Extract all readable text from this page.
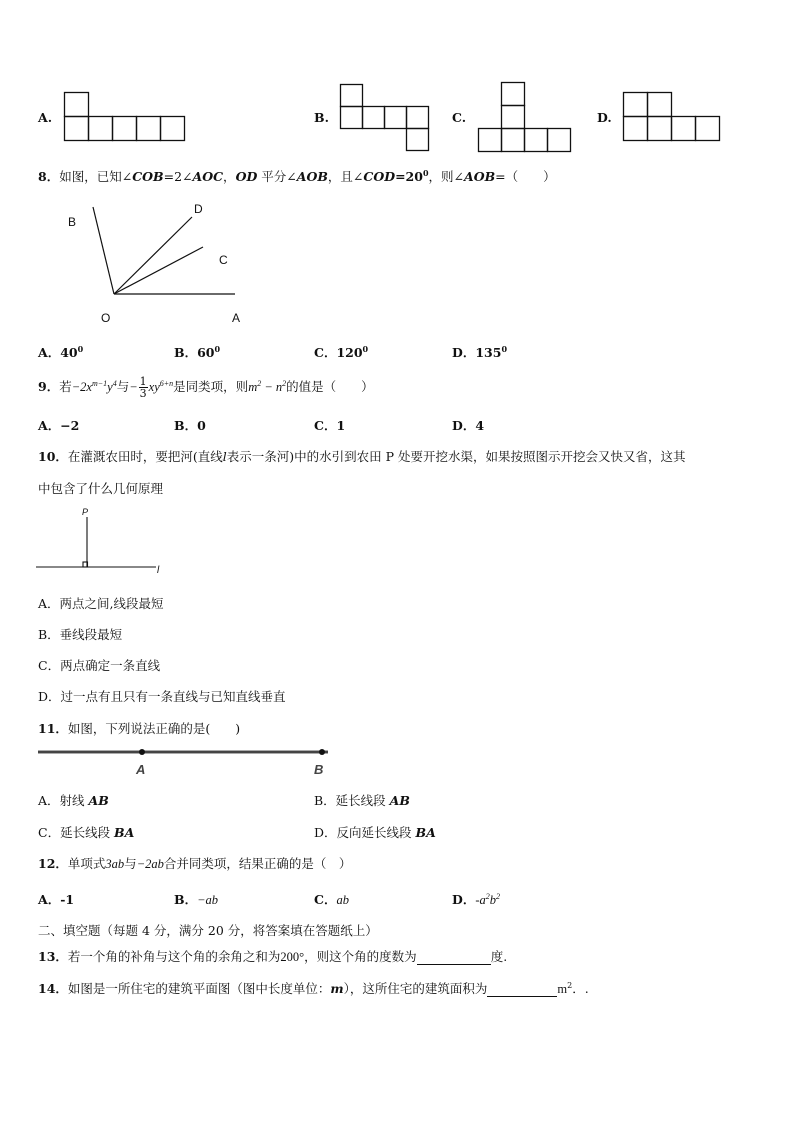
A.	B.	C.	D.
8．如图，已知∠COB=2∠AOC，OD 平分∠AOB，且$\angle COD=20^0$，则∠AOB=（　　）
B
D
C
O	A
A．$40^0$	B．$60^0$	C．$120^0$	D．$135^0$
9．若$-2x^{m-1}y^4$与− $\frac{1}{3} xy^{6+n}$是同类项，则$m^2 - n^2$的值是（　　）
A．−2	B．0	C．1	D．4
10．在灌溉农田时，要把河(直线l表示一条河)中的水引到农田 P 处要开挖水渠，如果按照图示开挖会又快又省，这其
中包含了什么几何原理
P
l
A．两点之间,线段最短
B．垂线段最短
C．两点确定一条直线
D．过一点有且只有一条直线与已知直线垂直
11．如图，下列说法正确的是(　　)
A	B
A．射线 AB	B．延长线段 AB
C．延长线段 BA	D．反向延长线段 BA
12．单项式3ab与−2ab合并同类项，结果正确的是（　）
A．-1	B．−ab	C．ab	D．$-a^2b^2$
二、填空题（每题 4 分，满分 20 分，将答案填在答题纸上）
13．若一个角的补角与这个角的余角之和为200°，则这个角的度数为	度.
14．如图是一所住宅的建筑平面图（图中长度单位：m），这所住宅的建筑面积为	$m^2$．.
